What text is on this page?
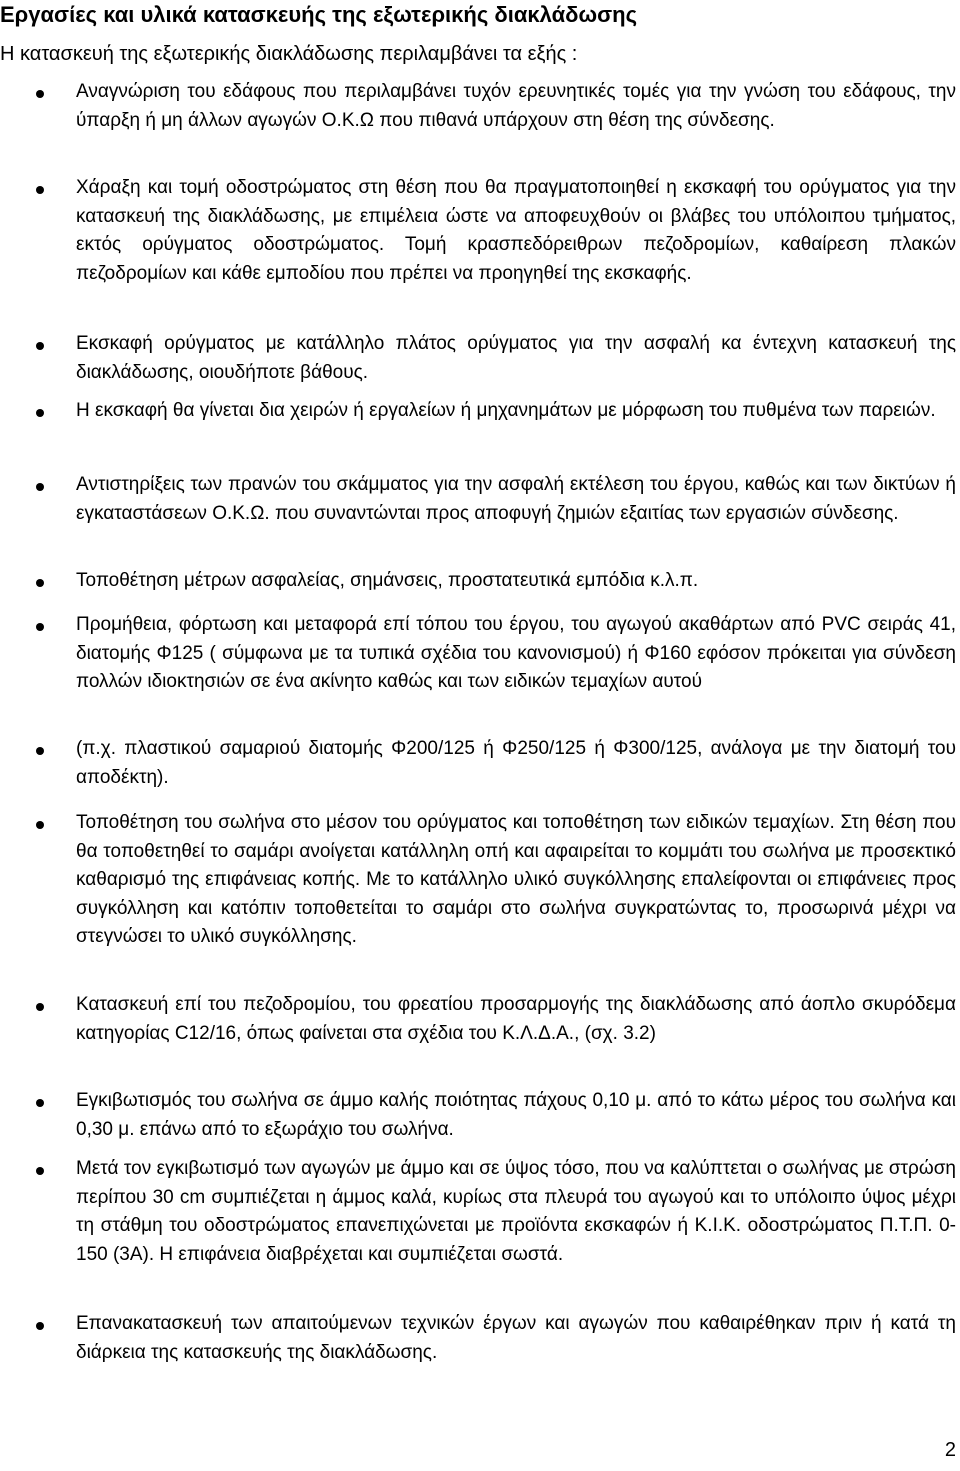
Εργασίες και υλικά κατασκευής της εξωτερικής διακλάδωσης
Η κατασκευή της εξωτερικής διακλάδωσης περιλαμβάνει τα εξής :
Αναγνώριση του εδάφους που περιλαμβάνει τυχόν ερευνητικές τομές για την γνώση του εδάφους, την ύπαρξη ή μη άλλων αγωγών Ο.Κ.Ω που πιθανά υπάρχουν στη θέση της σύνδεσης.
Χάραξη και τομή οδοστρώματος στη θέση που θα πραγματοποιηθεί η εκσκαφή του ορύγματος για την κατασκευή της διακλάδωσης, με επιμέλεια ώστε να αποφευχθούν οι βλάβες του υπόλοιπου τμήματος, εκτός ορύγματος οδοστρώματος. Τομή κρασπεδόρειθρων πεζοδρομίων, καθαίρεση πλακών πεζοδρομίων και κάθε εμποδίου που πρέπει να προηγηθεί της εκσκαφής.
Εκσκαφή ορύγματος με κατάλληλο πλάτος ορύγματος για την ασφαλή κα έντεχνη κατασκευή της διακλάδωσης, οιουδήποτε βάθους.
Η εκσκαφή θα γίνεται δια χειρών ή εργαλείων ή μηχανημάτων με μόρφωση του πυθμένα των παρειών.
Αντιστηρίξεις των πρανών του σκάμματος για την ασφαλή εκτέλεση του έργου, καθώς και των δικτύων ή εγκαταστάσεων Ο.Κ.Ω. που συναντώνται προς αποφυγή ζημιών εξαιτίας των εργασιών σύνδεσης.
Τοποθέτηση μέτρων ασφαλείας, σημάνσεις, προστατευτικά εμπόδια κ.λ.π.
Προμήθεια, φόρτωση και μεταφορά επί τόπου του έργου, του αγωγού ακαθάρτων από PVC σειράς 41, διατομής Φ125 ( σύμφωνα με τα τυπικά σχέδια του κανονισμού) ή Φ160 εφόσον πρόκειται για σύνδεση πολλών ιδιοκτησιών σε ένα ακίνητο καθώς και των ειδικών τεμαχίων αυτού
(π.χ. πλαστικού σαμαριού διατομής Φ200/125 ή Φ250/125 ή Φ300/125, ανάλογα με την διατομή του αποδέκτη).
Τοποθέτηση του σωλήνα στο μέσον του ορύγματος και τοποθέτηση των ειδικών τεμαχίων. Στη θέση που θα τοποθετηθεί το σαμάρι ανοίγεται κατάλληλη οπή και αφαιρείται το κομμάτι του σωλήνα με προσεκτικό καθαρισμό της επιφάνειας κοπής. Με το κατάλληλο υλικό συγκόλλησης επαλείφονται οι επιφάνειες προς συγκόλληση και κατόπιν τοποθετείται το σαμάρι στο σωλήνα συγκρατώντας το, προσωρινά μέχρι να στεγνώσει το υλικό συγκόλλησης.
Κατασκευή επί του πεζοδρομίου, του φρεατίου προσαρμογής της διακλάδωσης από άοπλο σκυρόδεμα κατηγορίας C12/16, όπως φαίνεται στα σχέδια του Κ.Λ.Δ.Α., (σχ. 3.2)
Εγκιβωτισμός του σωλήνα σε άμμο καλής ποιότητας πάχους 0,10 μ. από το κάτω μέρος του σωλήνα και 0,30 μ. επάνω από το εξωράχιο του σωλήνα.
Μετά τον εγκιβωτισμό των αγωγών με άμμο και σε ύψος τόσο, που να καλύπτεται ο σωλήνας με στρώση περίπου 30 cm συμπιέζεται η άμμος καλά, κυρίως στα πλευρά του αγωγού και το υπόλοιπο ύψος μέχρι τη στάθμη του οδοστρώματος επανεπιχώνεται με προϊόντα εκσκαφών ή Κ.Ι.Κ. οδοστρώματος Π.Τ.Π. 0-150 (3Α). Η επιφάνεια διαβρέχεται και συμπιέζεται σωστά.
Επανακατασκευή των απαιτούμενων τεχνικών έργων και αγωγών που καθαιρέθηκαν πριν ή κατά τη διάρκεια της κατασκευής της διακλάδωσης.
2
